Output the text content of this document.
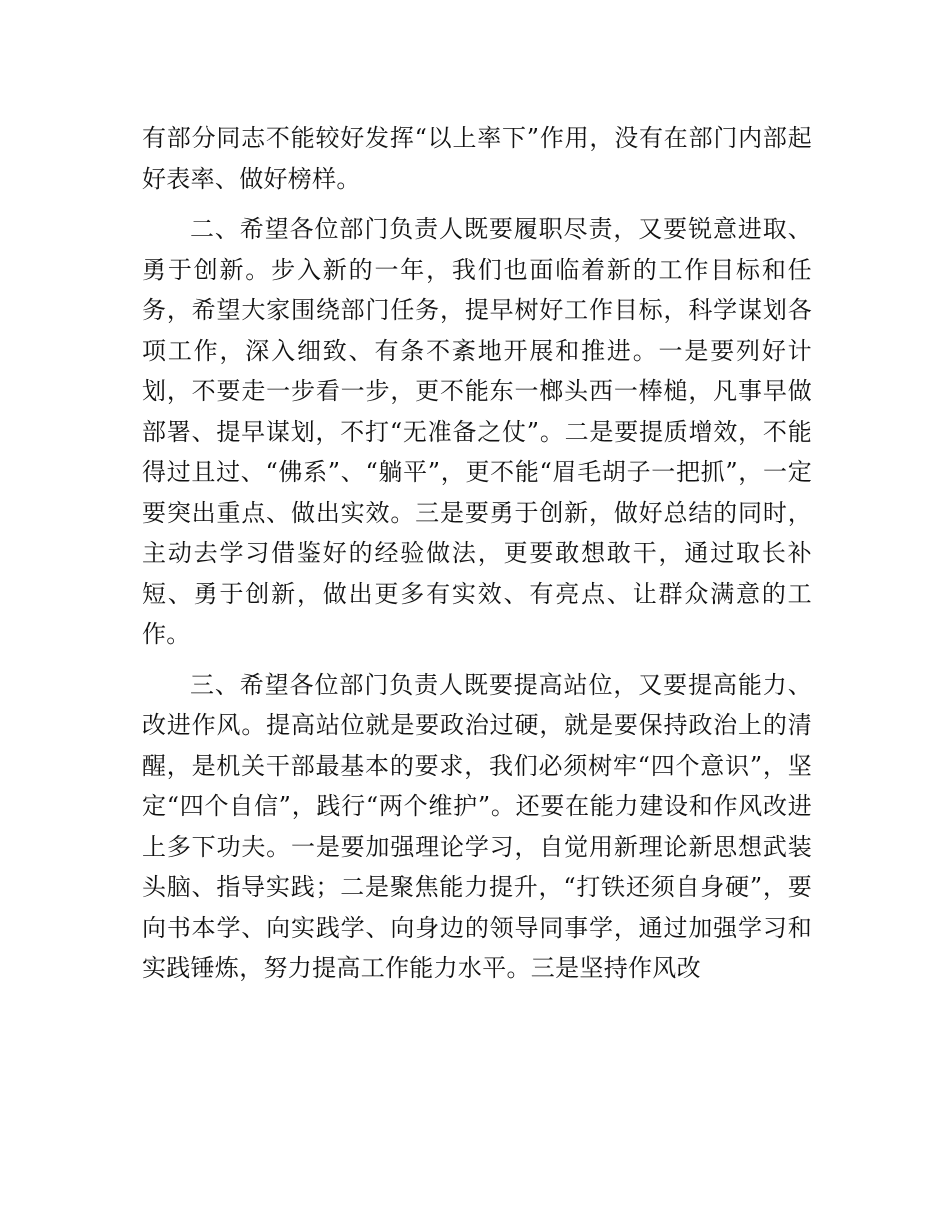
有部分同志不能较好发挥“以上率下”作用，没有在部门内部起好表率、做好榜样。

二、希望各位部门负责人既要履职尽责，又要锐意进取、勇于创新。步入新的一年，我们也面临着新的工作目标和任务，希望大家围绕部门任务，提早树好工作目标，科学谋划各项工作，深入细致、有条不紊地开展和推进。一是要列好计划，不要走一步看一步，更不能东一榔头西一棒槌，凡事早做部署、提早谋划，不打“无准备之仗”。二是要提质增效，不能得过且过、“佛系”、“躺平”，更不能“眉毛胡子一把抓”，一定要突出重点、做出实效。三是要勇于创新，做好总结的同时，主动去学习借鉴好的经验做法，更要敢想敢干，通过取长补短、勇于创新，做出更多有实效、有亮点、让群众满意的工作。

三、希望各位部门负责人既要提高站位，又要提高能力、改进作风。提高站位就是要政治过硬，就是要保持政治上的清醒，是机关干部最基本的要求，我们必须树牢“四个意识”，坚定“四个自信”，践行“两个维护”。还要在能力建设和作风改进上多下功夫。一是要加强理论学习，自觉用新理论新思想武装头脑、指导实践；二是聚焦能力提升，“打铁还须自身硬”，要向书本学、向实践学、向身边的领导同事学，通过加强学习和实践锤炼，努力提高工作能力水平。三是坚持作风改
